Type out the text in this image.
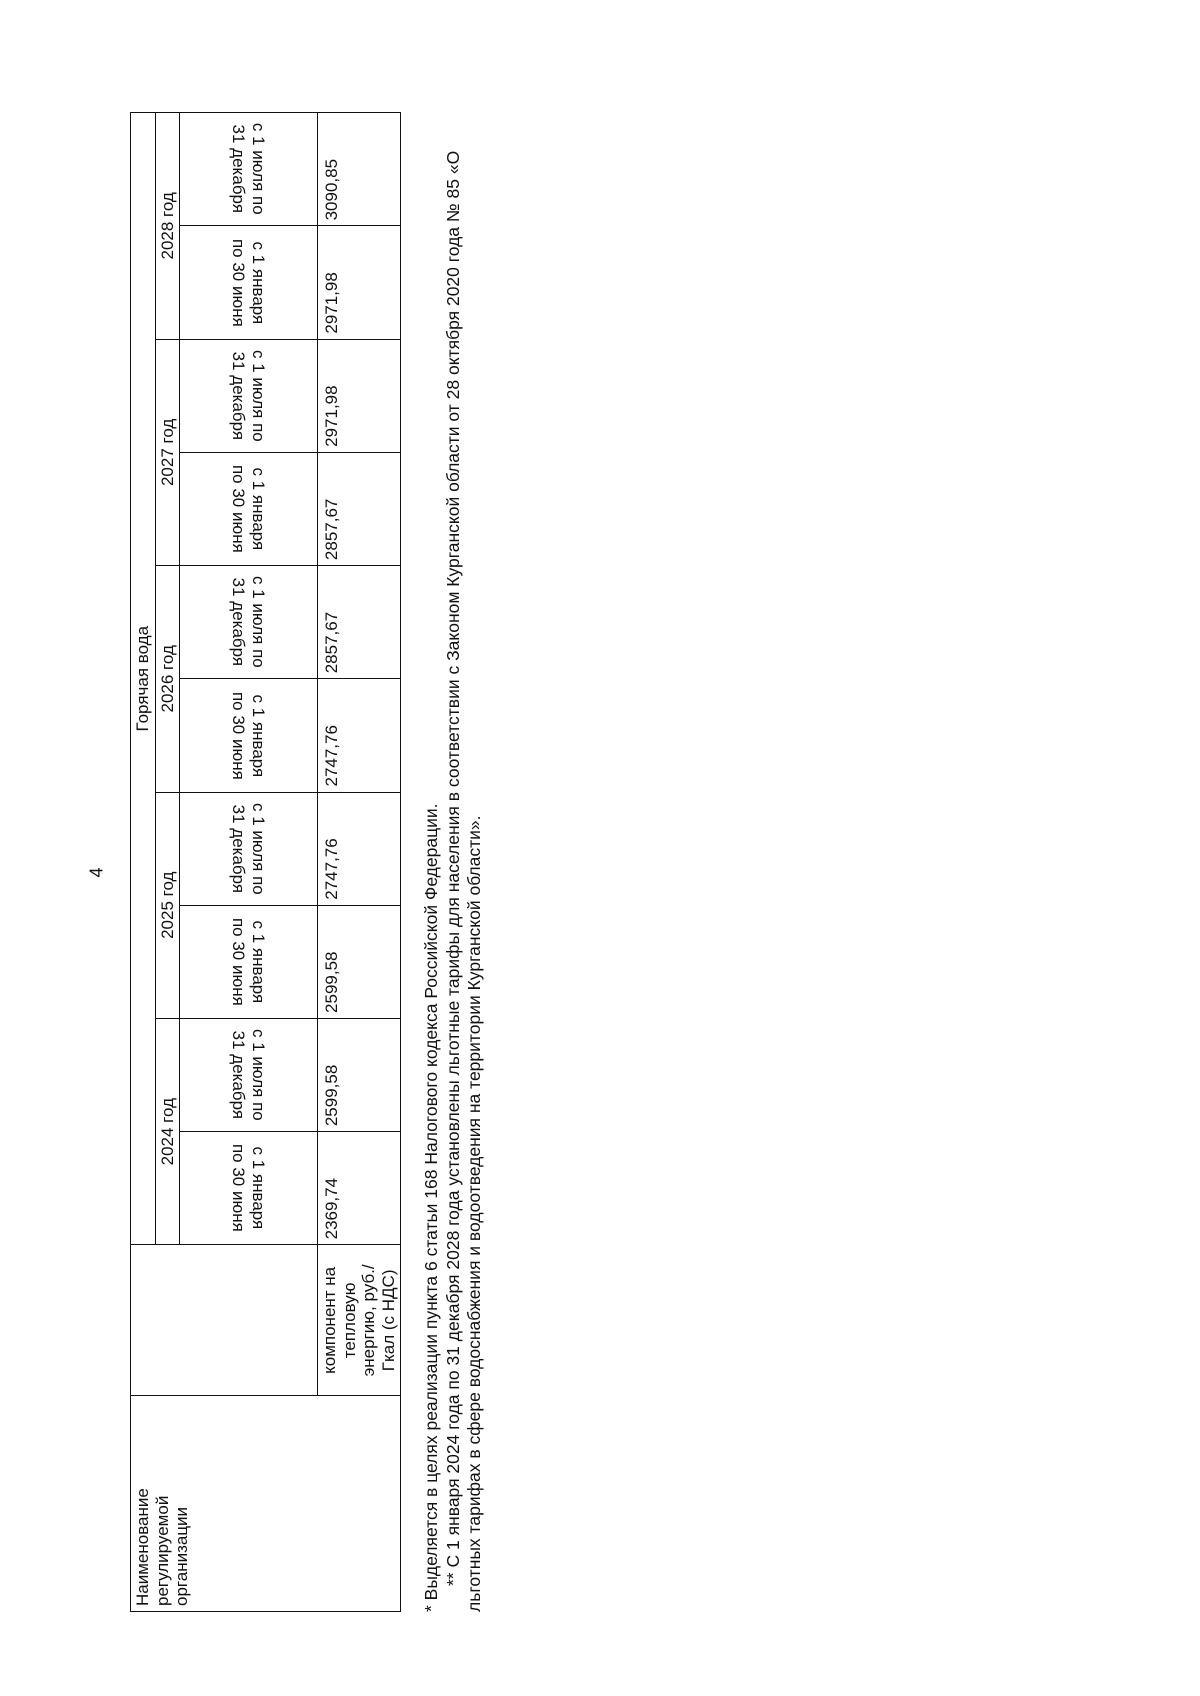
4
Наименование регулируемой организации		Горячая вода									
		2024 год		2025 год		2026 год		2027 год		2028 год	
		с 1 января по 30 июня	с 1 июля по 31 декабря	с 1 января по 30 июня	с 1 июля по 31 декабря	с 1 января по 30 июня	с 1 июля по 31 декабря	с 1 января по 30 июня	с 1 июля по 31 декабря	с 1 января по 30 июня	с 1 июля по 31 декабря
	компонент на тепловую энергию, руб./Гкал (с НДС)	2369,74	2599,58	2599,58	2747,76	2747,76	2857,67	2857,67	2971,98	2971,98	3090,85

* Выделяется в целях реализации пункта 6 статьи 168 Налогового кодекса Российской Федерации. ** С 1 января 2024 года по 31 декабря 2028 года установлены льготные тарифы для населения в соответствии с Законом Курганской области от 28 октября 2020 года № 85 «О льготных тарифах в сфере водоснабжения и водоотведения на территории Курганской области».
